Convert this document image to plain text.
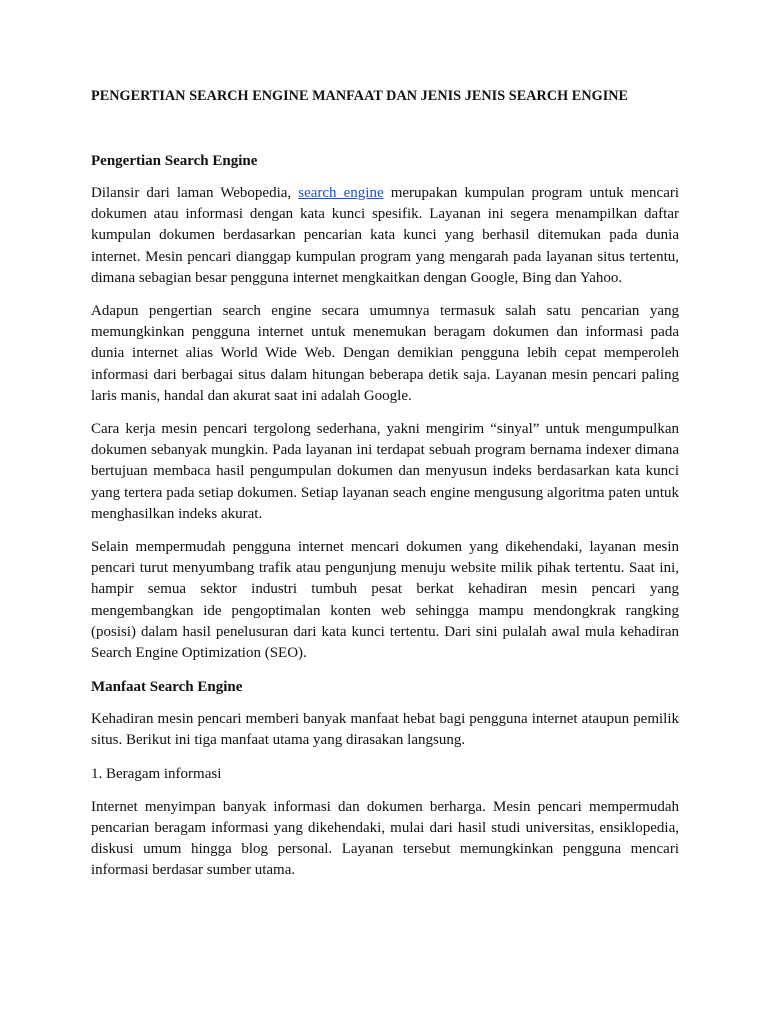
PENGERTIAN SEARCH ENGINE MANFAAT DAN JENIS JENIS SEARCH ENGINE
Pengertian Search Engine

Dilansir dari laman Webopedia, search engine merupakan kumpulan program untuk mencari dokumen atau informasi dengan kata kunci spesifik. Layanan ini segera menampilkan daftar kumpulan dokumen berdasarkan pencarian kata kunci yang berhasil ditemukan pada dunia internet. Mesin pencari dianggap kumpulan program yang mengarah pada layanan situs tertentu, dimana sebagian besar pengguna internet mengkaitkan dengan Google, Bing dan Yahoo.

Adapun pengertian search engine secara umumnya termasuk salah satu pencarian yang memungkinkan pengguna internet untuk menemukan beragam dokumen dan informasi pada dunia internet alias World Wide Web. Dengan demikian pengguna lebih cepat memperoleh informasi dari berbagai situs dalam hitungan beberapa detik saja. Layanan mesin pencari paling laris manis, handal dan akurat saat ini adalah Google.

Cara kerja mesin pencari tergolong sederhana, yakni mengirim “sinyal” untuk mengumpulkan dokumen sebanyak mungkin. Pada layanan ini terdapat sebuah program bernama indexer dimana bertujuan membaca hasil pengumpulan dokumen dan menyusun indeks berdasarkan kata kunci yang tertera pada setiap dokumen. Setiap layanan seach engine mengusung algoritma paten untuk menghasilkan indeks akurat.

Selain mempermudah pengguna internet mencari dokumen yang dikehendaki, layanan mesin pencari turut menyumbang trafik atau pengunjung menuju website milik pihak tertentu. Saat ini, hampir semua sektor industri tumbuh pesat berkat kehadiran mesin pencari yang mengembangkan ide pengoptimalan konten web sehingga mampu mendongkrak rangking (posisi) dalam hasil penelusuran dari kata kunci tertentu. Dari sini pulalah awal mula kehadiran Search Engine Optimization (SEO).

Manfaat Search Engine

Kehadiran mesin pencari memberi banyak manfaat hebat bagi pengguna internet ataupun pemilik situs. Berikut ini tiga manfaat utama yang dirasakan langsung.

1. Beragam informasi

Internet menyimpan banyak informasi dan dokumen berharga. Mesin pencari mempermudah pencarian beragam informasi yang dikehendaki, mulai dari hasil studi universitas, ensiklopedia, diskusi umum hingga blog personal. Layanan tersebut memungkinkan pengguna mencari informasi berdasar sumber utama.
